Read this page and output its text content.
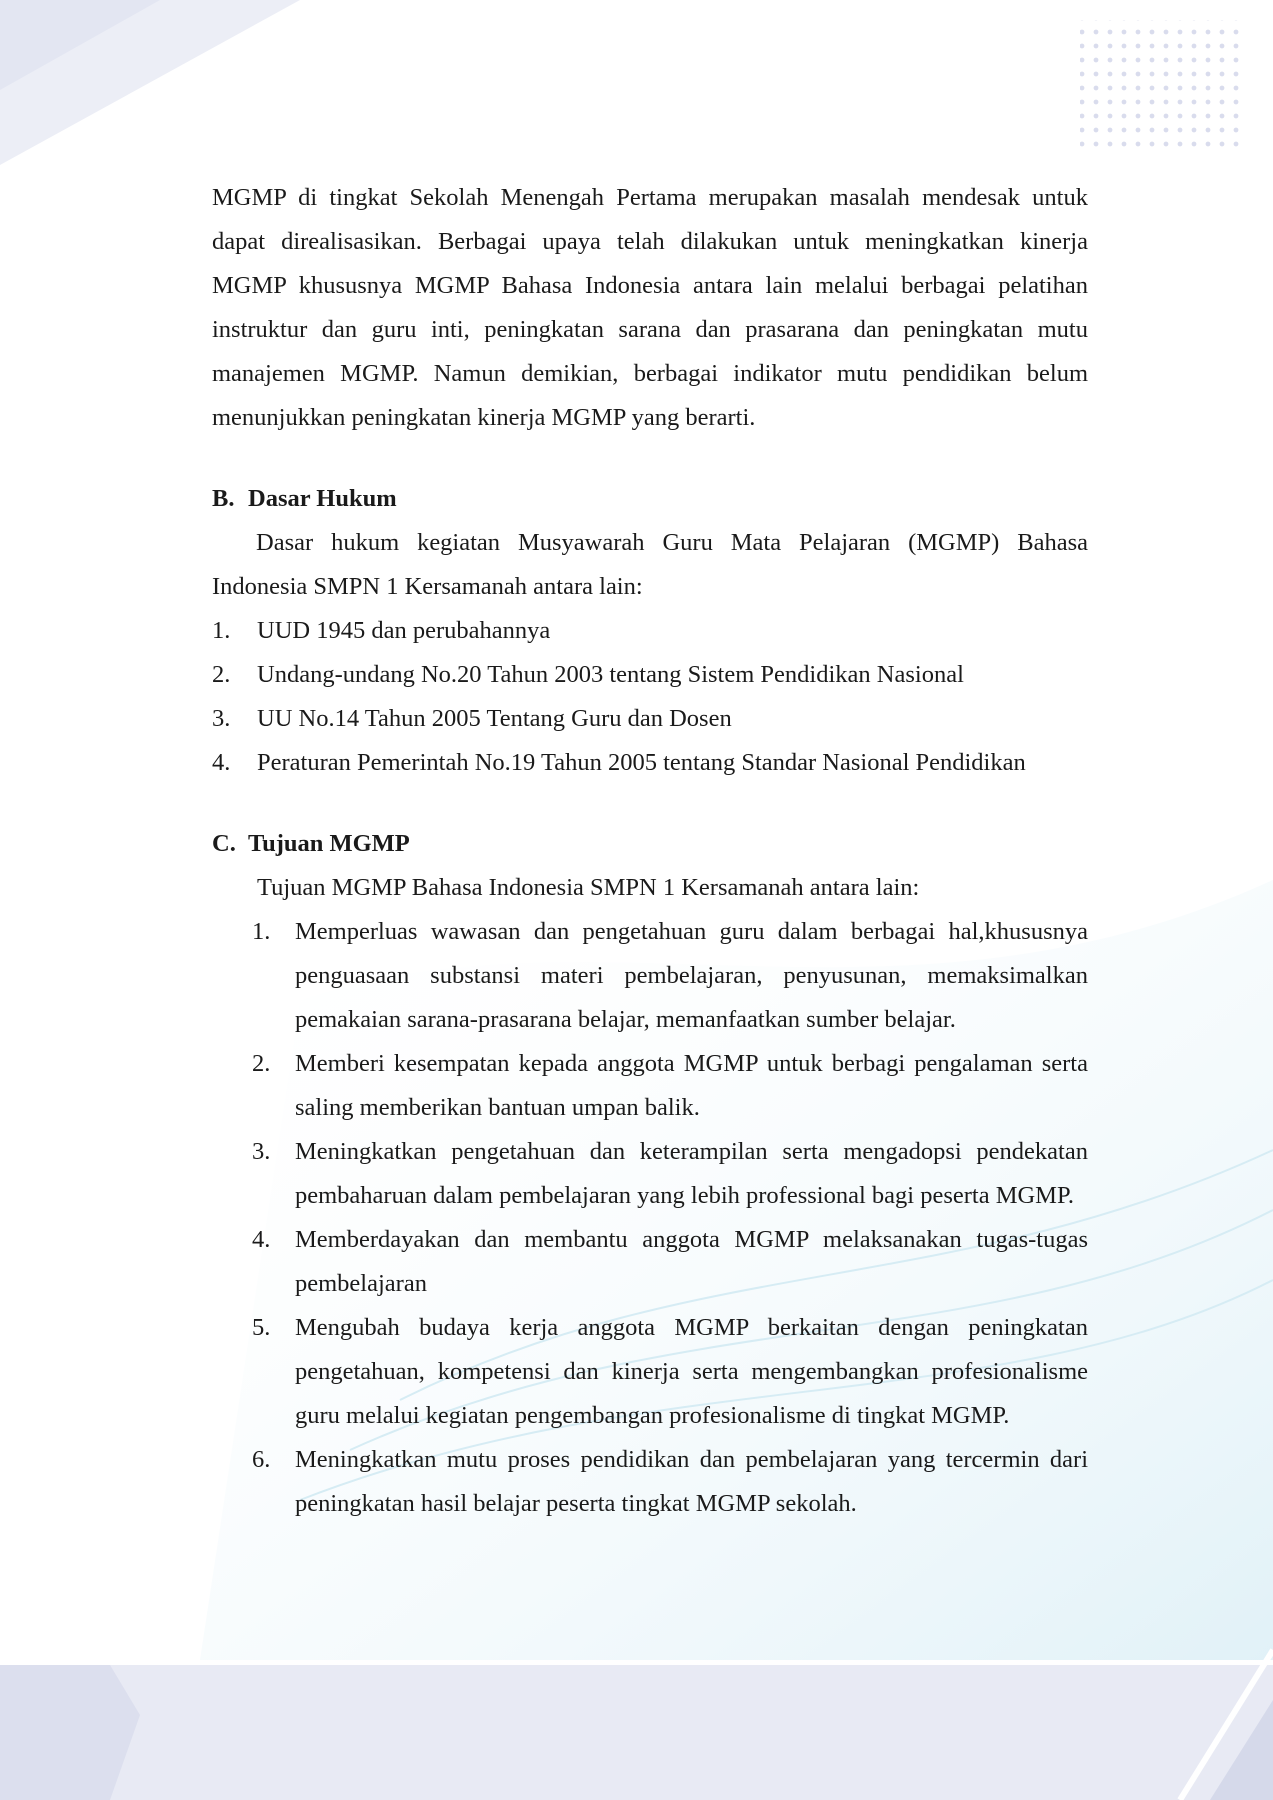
MGMP di tingkat Sekolah Menengah Pertama merupakan masalah mendesak untuk dapat direalisasikan. Berbagai upaya telah dilakukan untuk meningkatkan kinerja MGMP khususnya MGMP Bahasa Indonesia antara lain melalui berbagai pelatihan instruktur dan guru inti, peningkatan sarana dan prasarana dan peningkatan mutu manajemen MGMP. Namun demikian, berbagai indikator mutu pendidikan belum menunjukkan peningkatan kinerja MGMP yang berarti.

B. Dasar Hukum

Dasar hukum kegiatan Musyawarah Guru Mata Pelajaran (MGMP) Bahasa Indonesia SMPN 1 Kersamanah antara lain:

1.	UUD 1945 dan perubahannya
2.	Undang-undang No.20 Tahun 2003 tentang Sistem Pendidikan Nasional
3.	UU No.14 Tahun 2005 Tentang Guru dan Dosen
4.	Peraturan Pemerintah No.19 Tahun 2005 tentang Standar Nasional Pendidikan

C. Tujuan MGMP

Tujuan MGMP Bahasa Indonesia SMPN 1 Kersamanah antara lain:

1.	Memperluas wawasan dan pengetahuan guru dalam berbagai hal,khususnya penguasaan substansi materi pembelajaran, penyusunan, memaksimalkan pemakaian sarana-prasarana belajar, memanfaatkan sumber belajar.
2.	Memberi kesempatan kepada anggota MGMP untuk berbagi pengalaman serta saling memberikan bantuan umpan balik.
3.	Meningkatkan pengetahuan dan keterampilan serta mengadopsi pendekatan pembaharuan dalam pembelajaran yang lebih professional bagi peserta MGMP.
4.	Memberdayakan dan membantu anggota MGMP melaksanakan tugas-tugas pembelajaran
5.	Mengubah budaya kerja anggota MGMP berkaitan dengan peningkatan pengetahuan, kompetensi dan kinerja serta mengembangkan profesionalisme guru melalui kegiatan pengembangan profesionalisme di tingkat MGMP.
6.	Meningkatkan mutu proses pendidikan dan pembelajaran yang tercermin dari peningkatan hasil belajar peserta tingkat MGMP sekolah.
